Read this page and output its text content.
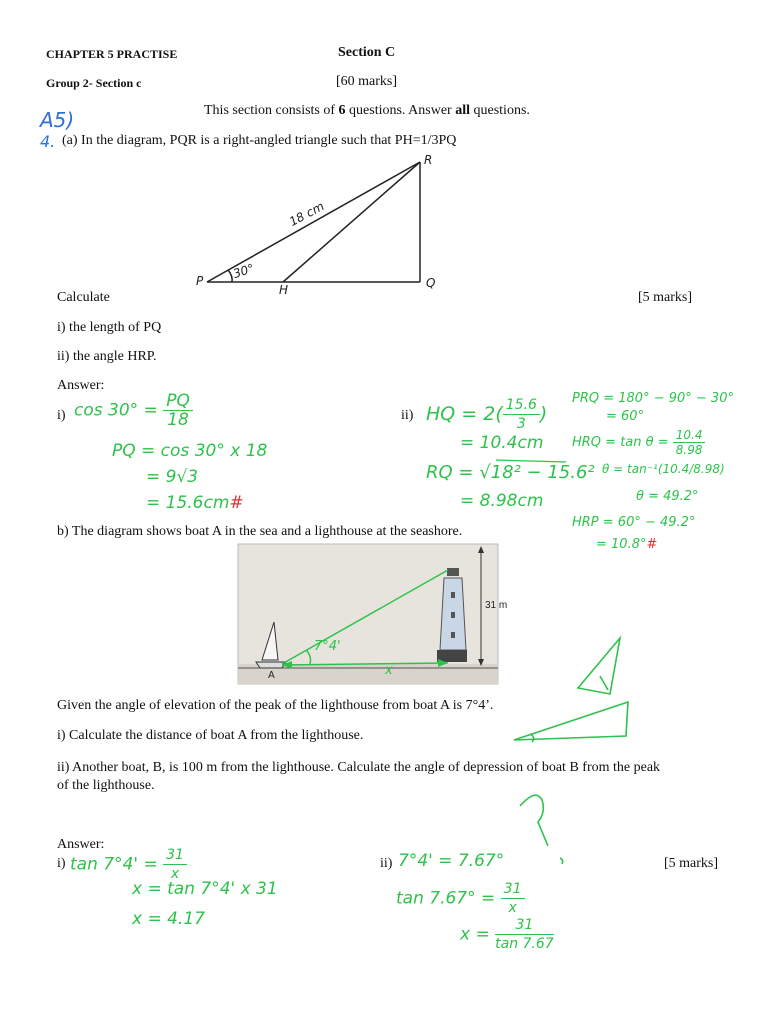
CHAPTER 5 PRACTISE	Section C
Group 2- Section c	[60 marks]
This section consists of 6 questions. Answer all questions.
A5)
4. (a) In the diagram, PQR is a right-angled triangle such that PH=1/3PQ
R
P	Q
H
18 cm
30°
Calculate	[5 marks]
i) the length of PQ
ii) the angle HRP.
Answer:
i)	ii)
$\cos 30^\circ = \frac{PQ}{18}$
PQ = cos 30° x 18
= 9√3
= 15.6cm#
HQ = $2( \frac{15.6}{3}$ )
= 10.4cm
RQ = √18² − 15.6²
= 8.98cm
PRQ = 180° − 90° − 30°
= 60°
HRQ = $\tan \theta = \frac{10.4}{8.98}$
θ = tan⁻¹(10.4/8.98)
θ = 49.2°
HRP = 60° − 49.2°
= 10.8°#
b) The diagram shows boat A in the sea and a lighthouse at the seashore.
31 m
A
7°4'
x
Given the angle of elevation of the peak of the lighthouse from boat A is 7°4’.
i) Calculate the distance of boat A from the lighthouse.
ii) Another boat, B, is 100 m from the lighthouse. Calculate the angle of depression of boat B from the peak
of the lighthouse.
Answer:
i)	ii)	[5 marks]
$\tan 7^\circ 4' = \frac{31}{x}$
x = tan 7°4' x 31
x = 4.17
7°4' = 7.67°
$\tan 7.67^\circ = \frac{31}{x}$
$x = \frac{31}{\tan 7.67}$
